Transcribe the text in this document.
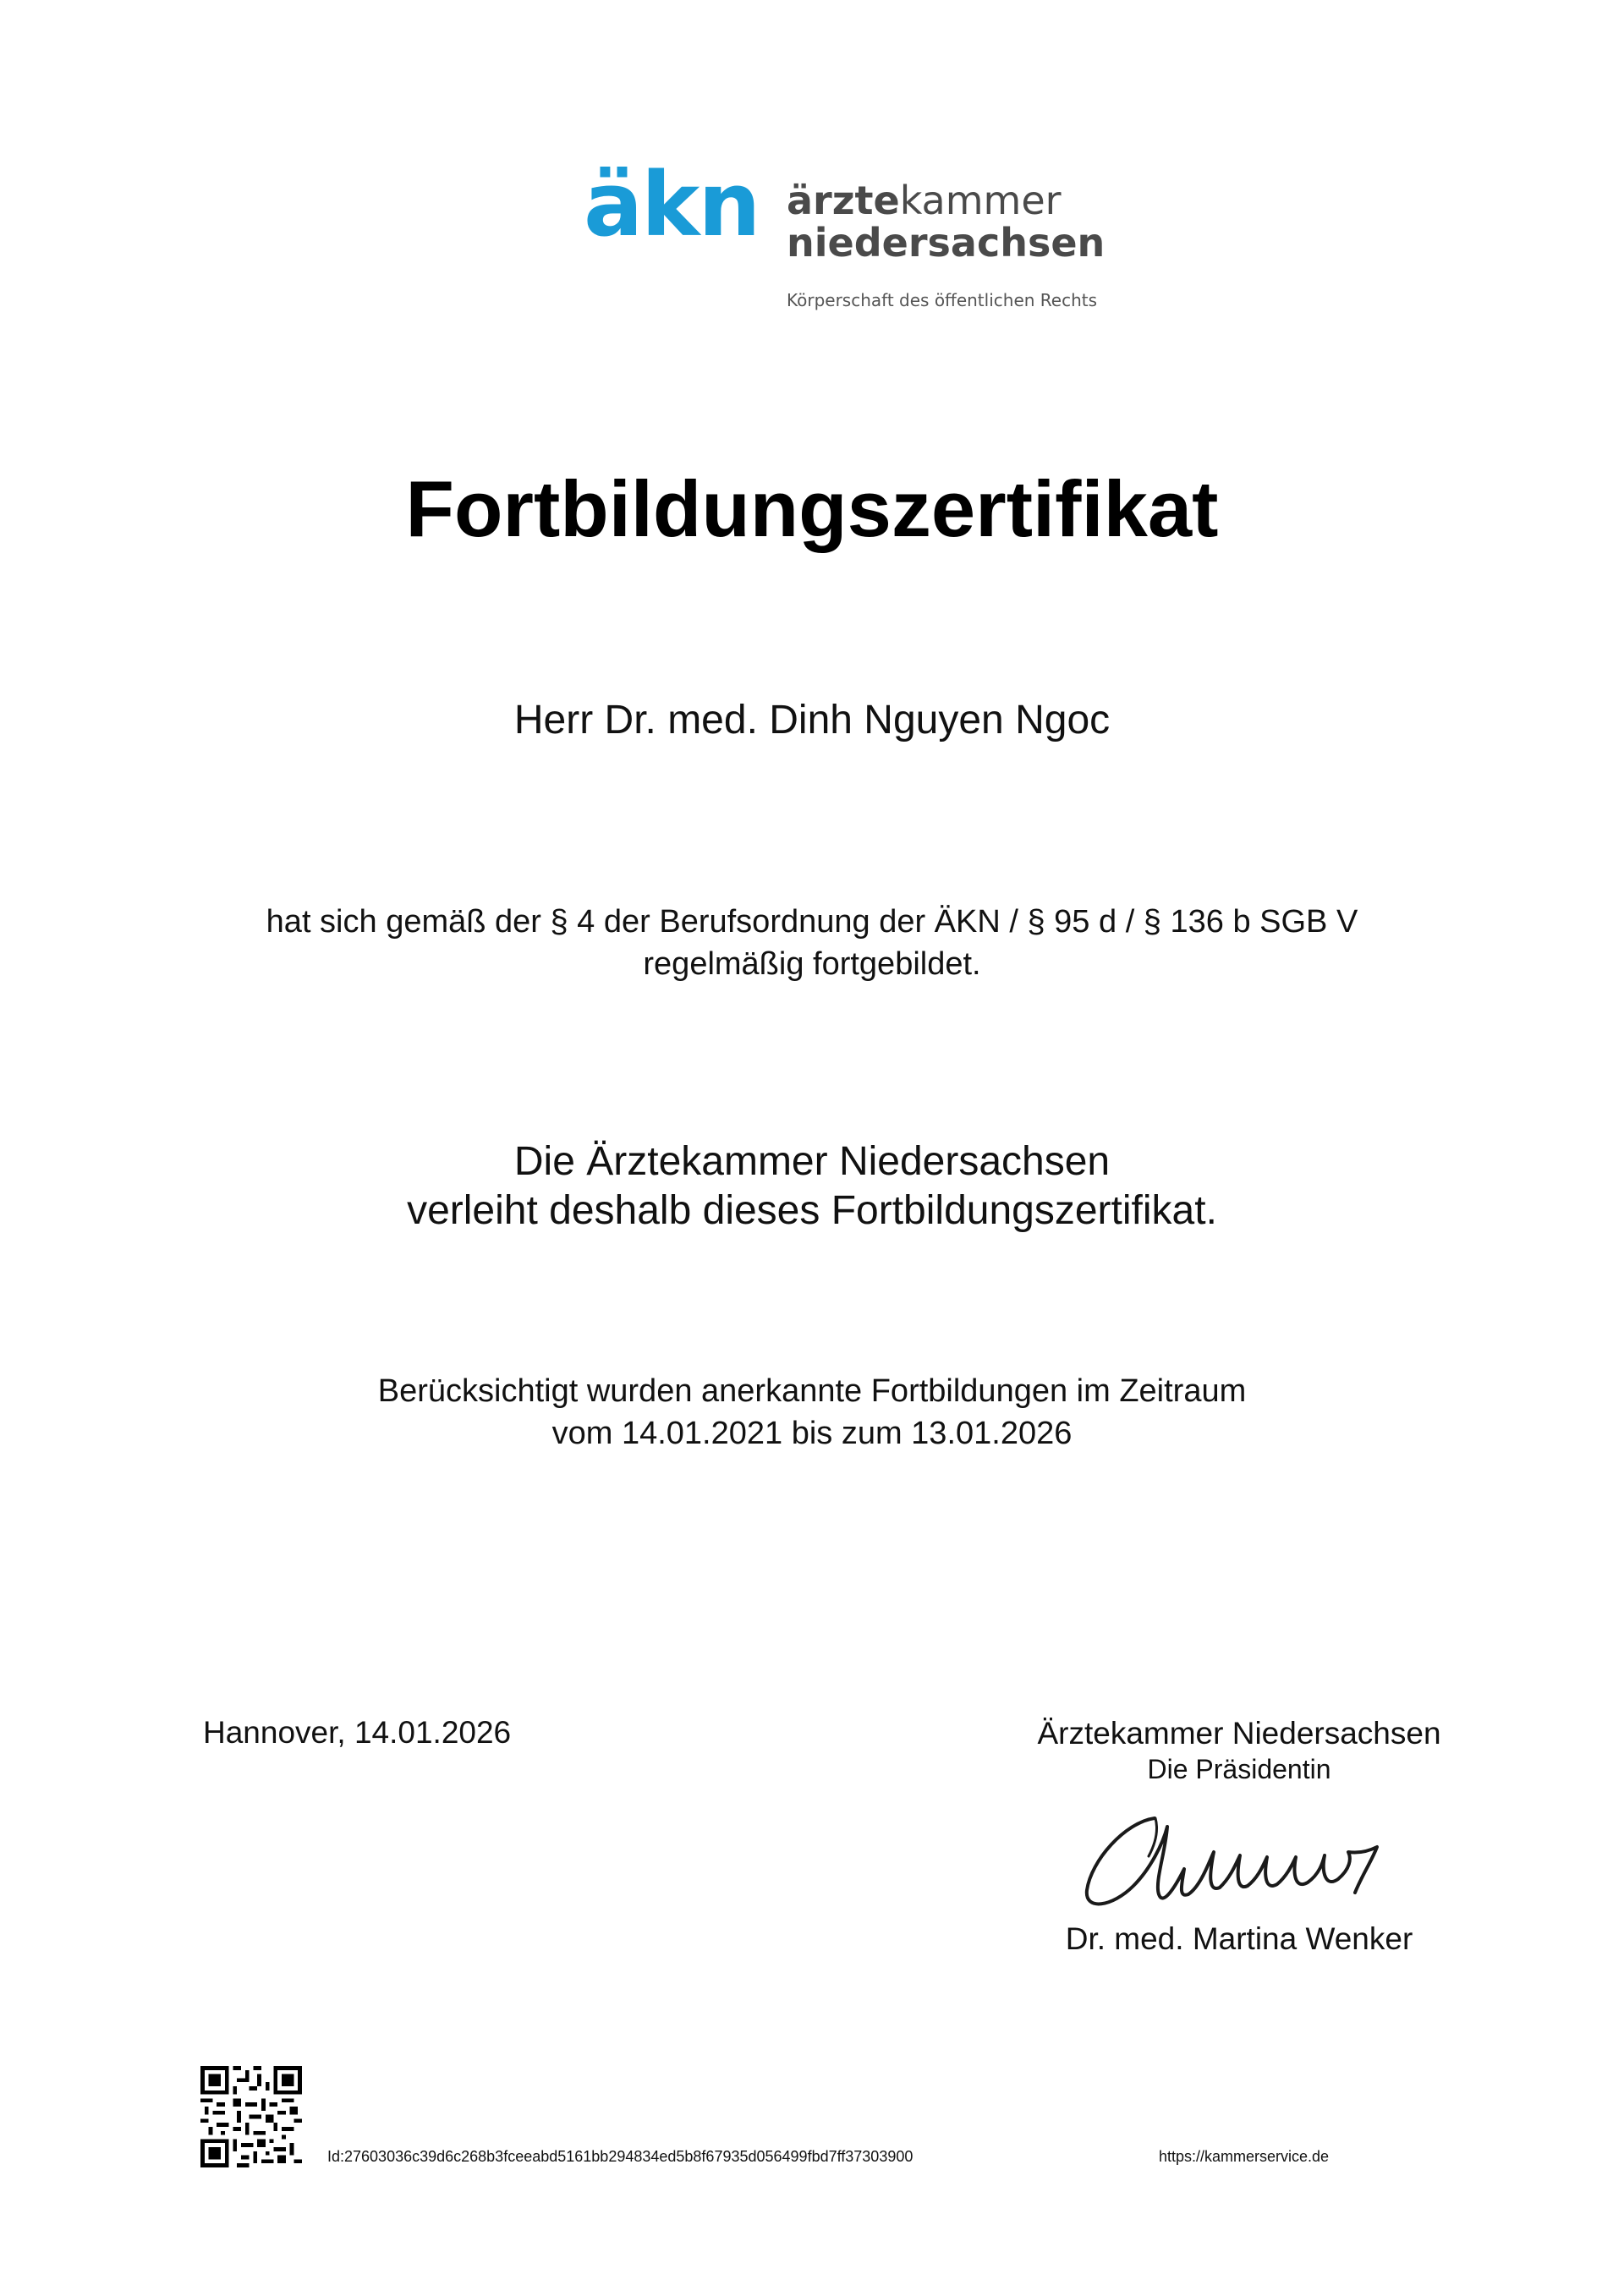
äkn ärztekammer
niedersachsen
Körperschaft des öffentlichen Rechts
Fortbildungszertifikat
Herr Dr. med. Dinh Nguyen Ngoc
hat sich gemäß der § 4 der Berufsordnung der ÄKN / § 95 d / § 136 b SGB V
regelmäßig fortgebildet.
Die Ärztekammer Niedersachsen
verleiht deshalb dieses Fortbildungszertifikat.
Berücksichtigt wurden anerkannte Fortbildungen im Zeitraum
vom 14.01.2021 bis zum 13.01.2026
Hannover, 14.01.2026	Ärztekammer Niedersachsen
Die Präsidentin
Dr. med. Martina Wenker
Id:27603036c39d6c268b3fceeabd5161bb294834ed5b8f67935d056499fbd7ff37303900	https://kammerservice.de
